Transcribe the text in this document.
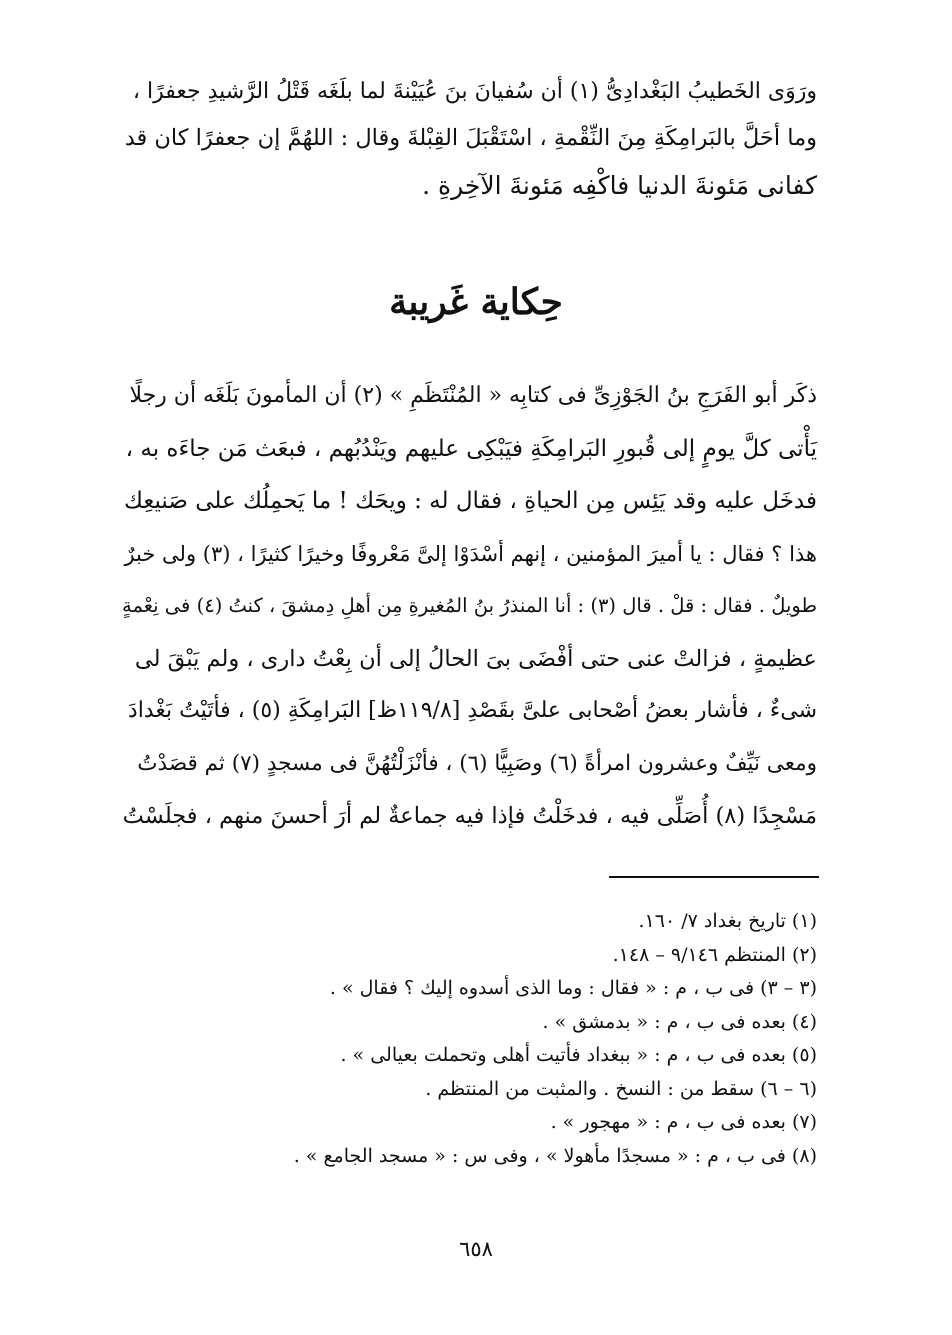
ورَوَى الخَطيبُ البَغْدادِىُّ (١) أن سُفيانَ بنَ عُيَيْنةَ لما بلَغَه قَتْلُ الرَّشيدِ جعفرًا ،
وما أحَلَّ بالبَرامِكَةِ مِنَ النِّقْمةِ ، اسْتَقْبَلَ القِبْلةَ وقال : اللهُمَّ إن جعفرًا كان قد
كفانى مَئونةَ الدنيا فاكْفِه مَئونةَ الآخِرةِ .

حِكاية غَريبة

ذكَر أبو الفَرَجِ بنُ الجَوْزِىِّ فى كتابِه « المُنْتَظَمِ » (٢) أن المأمونَ بَلَغَه أن رجلًا
يَأْتى كلَّ يومٍ إلى قُبورِ البَرامِكَةِ فيَبْكِى عليهم ويَنْدُبُهم ، فبعَث مَن جاءَه به ،
فدخَل عليه وقد يَئِس مِن الحياةِ ، فقال له : ويحَك ! ما يَحمِلُك على صَنيعِك
هذا ؟ فقال : يا أميرَ المؤمنين ، إنهم أسْدَوْا إلىَّ مَعْروفًا وخيرًا كثيرًا ، (٣) ولى خبرٌ
طويلٌ . فقال : قلْ . قال (٣) : أنا المنذرُ بنُ المُغيرةِ مِن أهلِ دِمشقَ ، كنتُ (٤) فى نِعْمةٍ
عظيمةٍ ، فزالتْ عنى حتى أفْضَى بىَ الحالُ إلى أن بِعْتُ دارى ، ولم يَبْقَ لى
شىءٌ ، فأشار بعضُ أصْحابى علىَّ بقَصْدِ [١١٩/٨ظ] البَرامِكَةِ (٥) ، فأتَيْتُ بَغْدادَ
ومعى نَيِّفٌ وعشرون امرأةً (٦) وصَبِيًّا (٦) ، فأنْزَلْتُهُنَّ فى مسجدٍ (٧) ثم قصَدْتُ
مَسْجِدًا (٨) أُصَلِّى فيه ، فدخَلْتُ فإذا فيه جماعةٌ لم أرَ أحسنَ منهم ، فجلَسْتُ

(١) تاريخ بغداد ٧/ ١٦٠.
(٢) المنتظم ٩/١٤٦ – ١٤٨.
(٣ – ٣) فى ب ، م : « فقال : وما الذى أسدوه إليك ؟ فقال » .
(٤) بعده فى ب ، م : « بدمشق » .
(٥) بعده فى ب ، م : « ببغداد فأتيت أهلى وتحملت بعيالى » .
(٦ – ٦) سقط من : النسخ . والمثبت من المنتظم .
(٧) بعده فى ب ، م : « مهجور » .
(٨) فى ب ، م : « مسجدًا مأهولا » ، وفى س : « مسجد الجامع » .
٦٥٨
